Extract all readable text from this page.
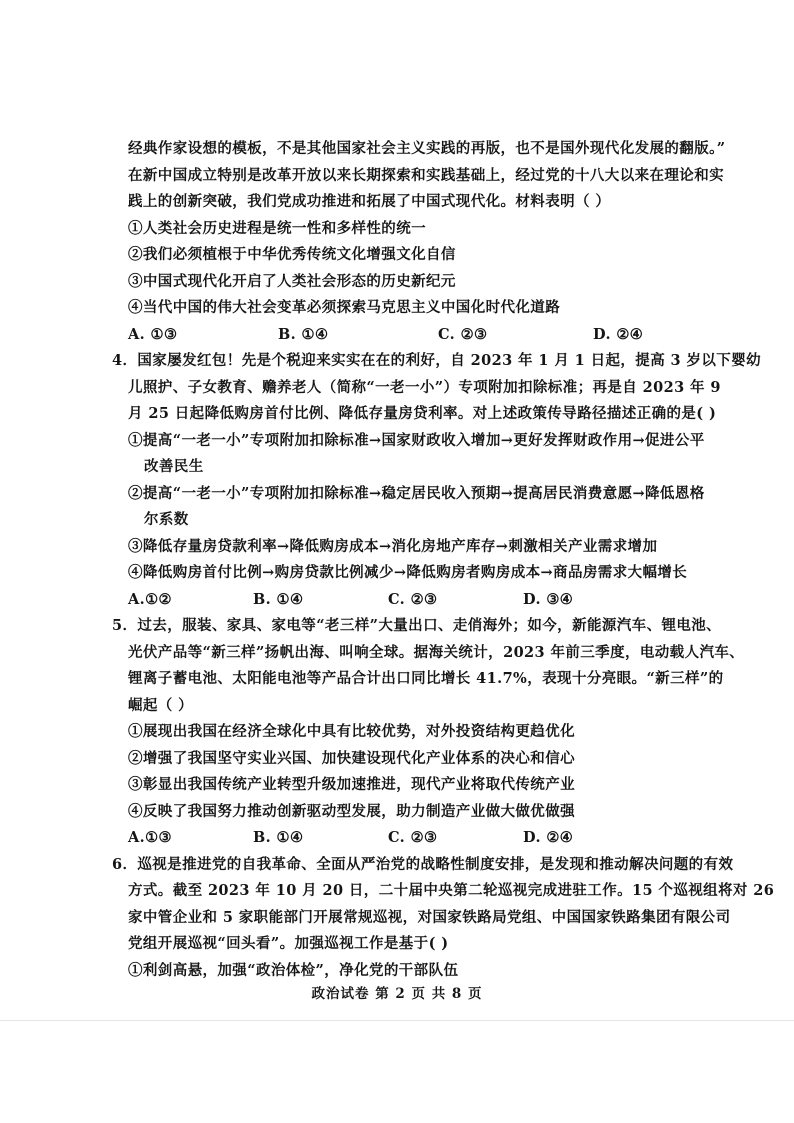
经典作家设想的模板，不是其他国家社会主义实践的再版，也不是国外现代化发展的翻版。”
在新中国成立特别是改革开放以来长期探索和实践基础上，经过党的十八大以来在理论和实
践上的创新突破，我们党成功推进和拓展了中国式现代化。材料表明（ ）
①人类社会历史进程是统一性和多样性的统一
②我们必须植根于中华优秀传统文化增强文化自信
③中国式现代化开启了人类社会形态的历史新纪元
④当代中国的伟大社会变革必须探索马克思主义中国化时代化道路
A. ①③	B. ①④	C. ②③	D. ②④
4．国家屡发红包！先是个税迎来实实在在的利好，自 2023 年 1 月 1 日起，提高 3 岁以下婴幼
儿照护、子女教育、赡养老人（简称“一老一小”）专项附加扣除标准；再是自 2023 年 9
月 25 日起降低购房首付比例、降低存量房贷利率。对上述政策传导路径描述正确的是( )
①提高“一老一小”专项附加扣除标准→国家财政收入增加→更好发挥财政作用→促进公平
改善民生
②提高“一老一小”专项附加扣除标准→稳定居民收入预期→提高居民消费意愿→降低恩格
尔系数
③降低存量房贷款利率→降低购房成本→消化房地产库存→刺激相关产业需求增加
④降低购房首付比例→购房贷款比例减少→降低购房者购房成本→商品房需求大幅增长
A.①②	B. ①④	C. ②③	D. ③④
5．过去，服装、家具、家电等“老三样”大量出口、走俏海外；如今，新能源汽车、锂电池、
光伏产品等“新三样”扬帆出海、叫响全球。据海关统计，2023 年前三季度，电动载人汽车、
锂离子蓄电池、太阳能电池等产品合计出口同比增长 41.7%，表现十分亮眼。“新三样”的
崛起（ ）
①展现出我国在经济全球化中具有比较优势，对外投资结构更趋优化
②增强了我国坚守实业兴国、加快建设现代化产业体系的决心和信心
③彰显出我国传统产业转型升级加速推进，现代产业将取代传统产业
④反映了我国努力推动创新驱动型发展，助力制造产业做大做优做强
A.①③	B. ①④	C. ②③	D. ②④
6．巡视是推进党的自我革命、全面从严治党的战略性制度安排，是发现和推动解决问题的有效
方式。截至 2023 年 10 月 20 日，二十届中央第二轮巡视完成进驻工作。15 个巡视组将对 26
家中管企业和 5 家职能部门开展常规巡视，对国家铁路局党组、中国国家铁路集团有限公司
党组开展巡视“回头看”。加强巡视工作是基于( )
①利剑高悬，加强“政治体检”，净化党的干部队伍
政治试卷 第 2 页 共 8 页
